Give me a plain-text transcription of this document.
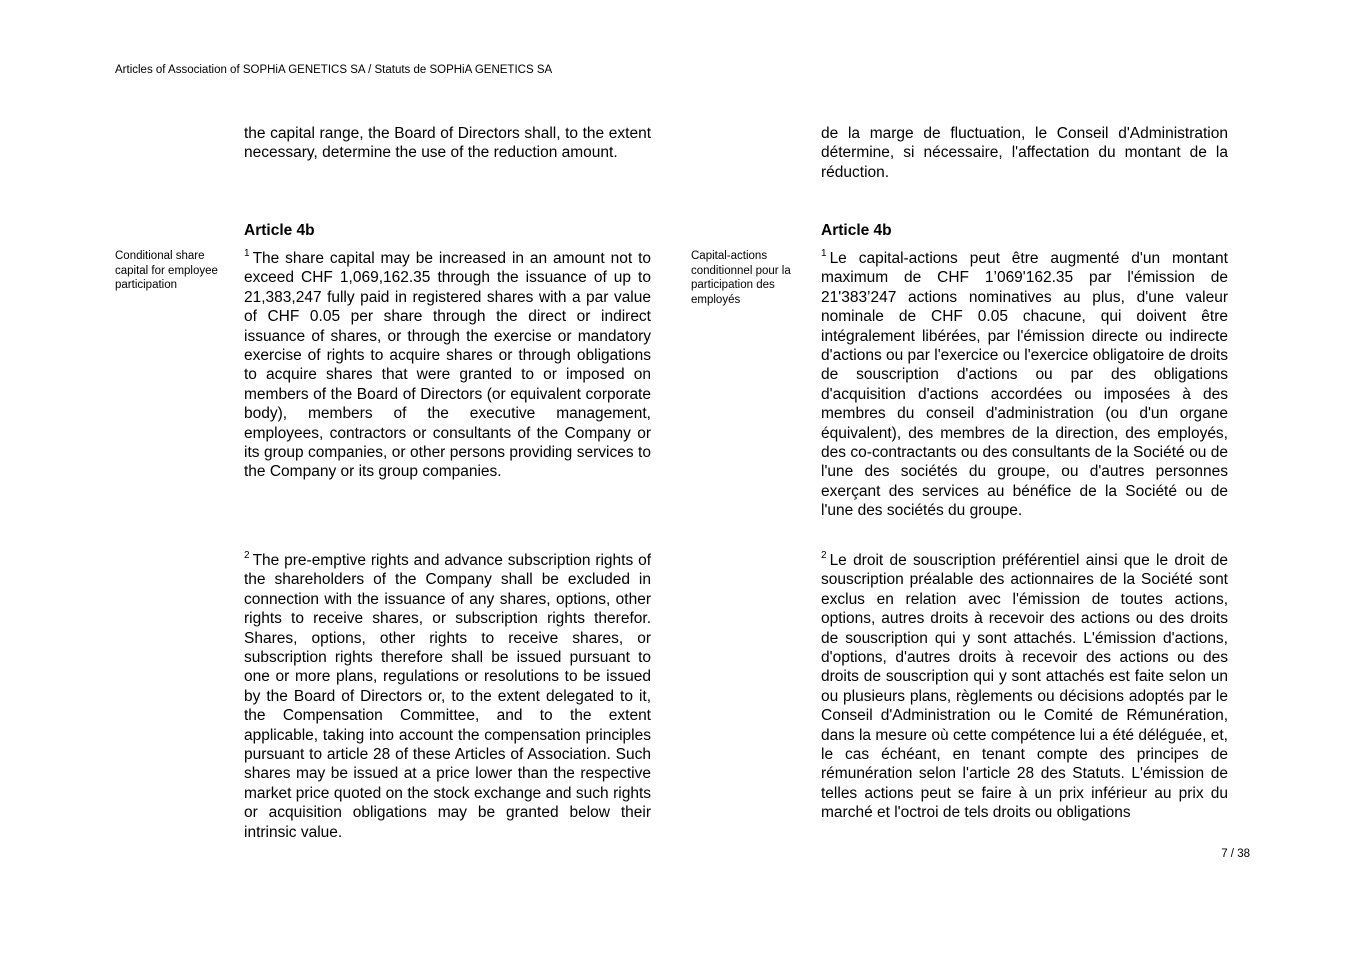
Articles of Association of SOPHiA GENETICS SA / Statuts de SOPHiA GENETICS SA

the capital range, the Board of Directors shall, to the extent necessary, determine the use of the reduction amount.

de la marge de fluctuation, le Conseil d'Administration détermine, si nécessaire, l'affectation du montant de la réduction.

Article 4b	Article 4b
Conditional share capital for employee participation
Capital-actions conditionnel pour la participation des employés

$^1$ The share capital may be increased in an amount not to exceed CHF 1,069,162.35 through the issuance of up to 21,383,247 fully paid in registered shares with a par value of CHF 0.05 per share through the direct or indirect issuance of shares, or through the exercise or mandatory exercise of rights to acquire shares or through obligations to acquire shares that were granted to or imposed on members of the Board of Directors (or equivalent corporate body), members of the executive management, employees, contractors or consultants of the Company or its group companies, or other persons providing services to the Company or its group companies.

$^1$ Le capital-actions peut être augmenté d'un montant maximum de CHF 1’069'162.35 par l'émission de 21'383’247 actions nominatives au plus, d'une valeur nominale de CHF 0.05 chacune, qui doivent être intégralement libérées, par l'émission directe ou indirecte d'actions ou par l'exercice ou l'exercice obligatoire de droits de souscription d'actions ou par des obligations d'acquisition d'actions accordées ou imposées à des membres du conseil d'administration (ou d'un organe équivalent), des membres de la direction, des employés, des co-contractants ou des consultants de la Société ou de l'une des sociétés du groupe, ou d'autres personnes exerçant des services au bénéfice de la Société ou de l'une des sociétés du groupe.

$^2$ The pre-emptive rights and advance subscription rights of the shareholders of the Company shall be excluded in connection with the issuance of any shares, options, other rights to receive shares, or subscription rights therefor. Shares, options, other rights to receive shares, or subscription rights therefore shall be issued pursuant to one or more plans, regulations or resolutions to be issued by the Board of Directors or, to the extent delegated to it, the Compensation Committee, and to the extent applicable, taking into account the compensation principles pursuant to article 28 of these Articles of Association. Such shares may be issued at a price lower than the respective market price quoted on the stock exchange and such rights or acquisition obligations may be granted below their intrinsic value.

$^2$ Le droit de souscription préférentiel ainsi que le droit de souscription préalable des actionnaires de la Société sont exclus en relation avec l'émission de toutes actions, options, autres droits à recevoir des actions ou des droits de souscription qui y sont attachés. L'émission d'actions, d'options, d'autres droits à recevoir des actions ou des droits de souscription qui y sont attachés est faite selon un ou plusieurs plans, règlements ou décisions adoptés par le Conseil d'Administration ou le Comité de Rémunération, dans la mesure où cette compétence lui a été déléguée, et, le cas échéant, en tenant compte des principes de rémunération selon l'article 28 des Statuts. L'émission de telles actions peut se faire à un prix inférieur au prix du marché et l'octroi de tels droits ou obligations

7 / 38
